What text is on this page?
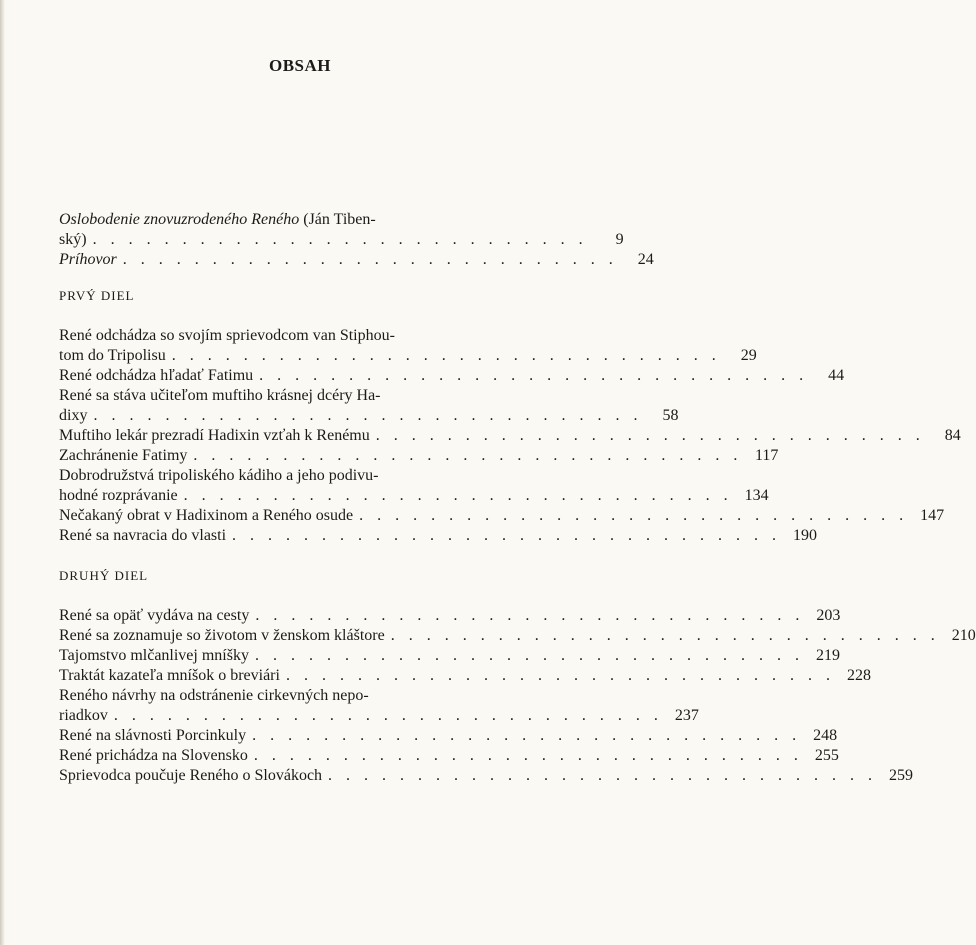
OBSAH
Oslobodenie znovuzrodeného Reného (Ján Tiben-
ský) . . . . . . . . . . . . . . . . . . . . . . . . . . . .	9
Príhovor . . . . . . . . . . . . . . . . . . . . . . . . . . . .	24
PRVÝ DIEL
René odchádza so svojím sprievodcom van Stiphou-
tom do Tripolisu . . . . . . . . . . . . . . . . . . . . . . . . . . . . . . .	29
René odchádza hľadať Fatimu . . . . . . . . . . . . . . . . . . . . . . . . . . . . . . .	44
René sa stáva učiteľom muftiho krásnej dcéry Ha-
dixy . . . . . . . . . . . . . . . . . . . . . . . . . . . . . . .	58
Muftiho lekár prezradí Hadixin vzťah k Renému . . . . . . . . . . . . . . . . . . . . . . . . . . . . . . .	84
Zachránenie Fatimy . . . . . . . . . . . . . . . . . . . . . . . . . . . . . . . 117
Dobrodružstvá tripoliského kádiho a jeho podivu-
hodné rozprávanie . . . . . . . . . . . . . . . . . . . . . . . . . . . . . . . 134
Nečakaný obrat v Hadixinom a Reného osude . . . . . . . . . . . . . . . . . . . . . . . . . . . . . . . 147
René sa navracia do vlasti . . . . . . . . . . . . . . . . . . . . . . . . . . . . . . . 190
DRUHÝ DIEL
René sa opäť vydáva na cesty . . . . . . . . . . . . . . . . . . . . . . . . . . . . . . . 203
René sa zoznamuje so životom v ženskom kláštore . . . . . . . . . . . . . . . . . . . . . . . . . . . . . . . 210
Tajomstvo mlčanlivej mníšky . . . . . . . . . . . . . . . . . . . . . . . . . . . . . . . 219
Traktát kazateľa mníšok o breviári . . . . . . . . . . . . . . . . . . . . . . . . . . . . . . . 228
Reného návrhy na odstránenie cirkevných nepo-
riadkov . . . . . . . . . . . . . . . . . . . . . . . . . . . . . . . 237
René na slávnosti Porcinkuly . . . . . . . . . . . . . . . . . . . . . . . . . . . . . . . 248
René prichádza na Slovensko . . . . . . . . . . . . . . . . . . . . . . . . . . . . . . . 255
Sprievodca poučuje Reného o Slovákoch . . . . . . . . . . . . . . . . . . . . . . . . . . . . . . . 259
